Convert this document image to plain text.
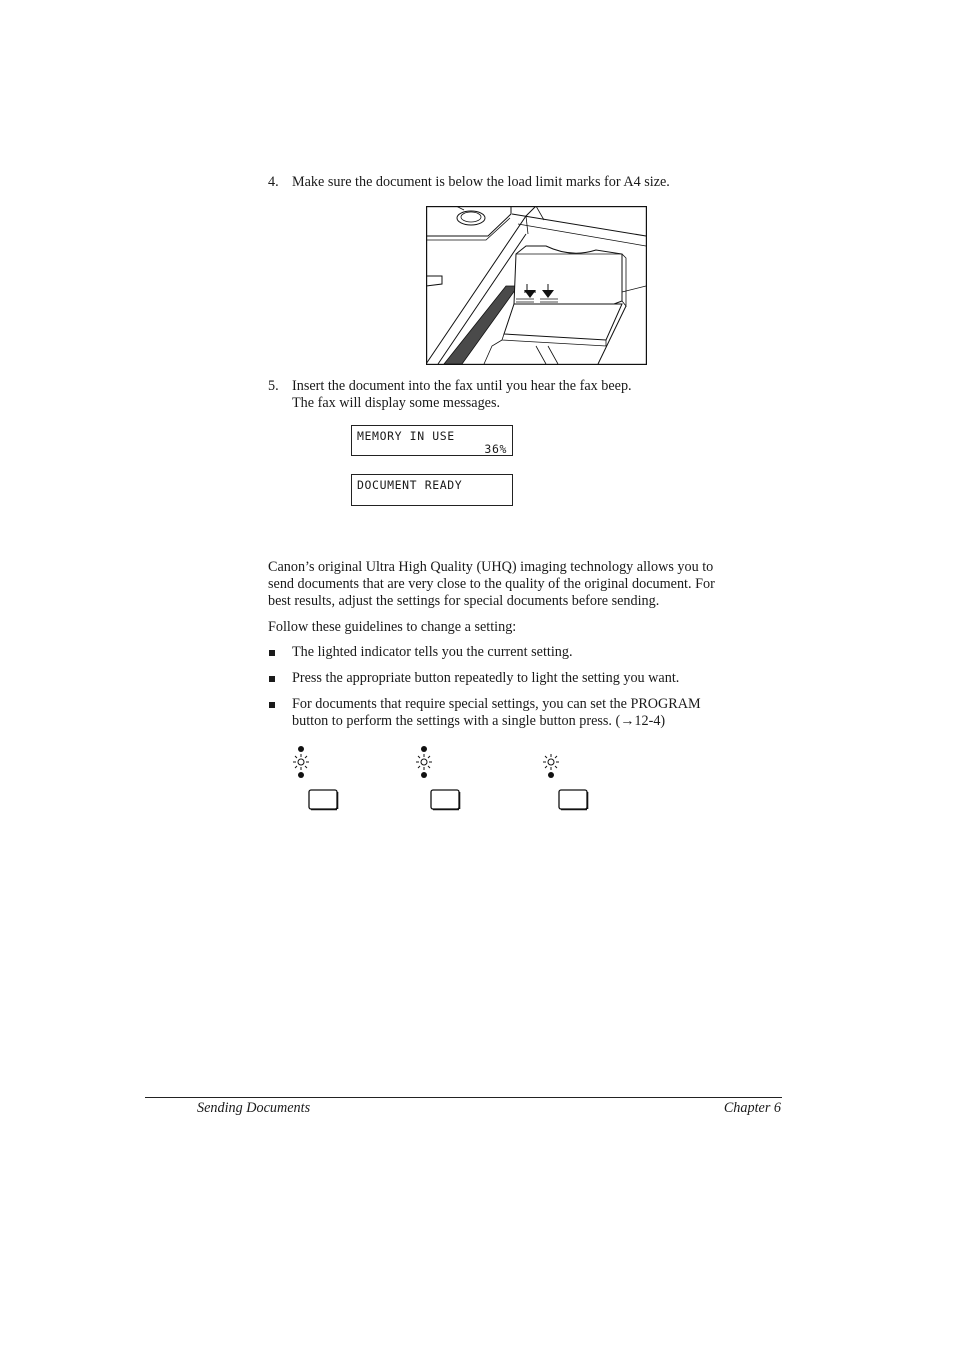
4. Make sure the document is below the load limit marks for A4 size.
5. Insert the document into the fax until you hear the fax beep.
The fax will display some messages.
MEMORY IN USE
36%
DOCUMENT READY
Canon’s original Ultra High Quality (UHQ) imaging technology allows you to
send documents that are very close to the quality of the original document. For
best results, adjust the settings for special documents before sending.
Follow these guidelines to change a setting:
The lighted indicator tells you the current setting.
Press the appropriate button repeatedly to light the setting you want.
For documents that require special settings, you can set the PROGRAM
button to perform the settings with a single button press. (→12-4)
Sending Documents	Chapter 6
